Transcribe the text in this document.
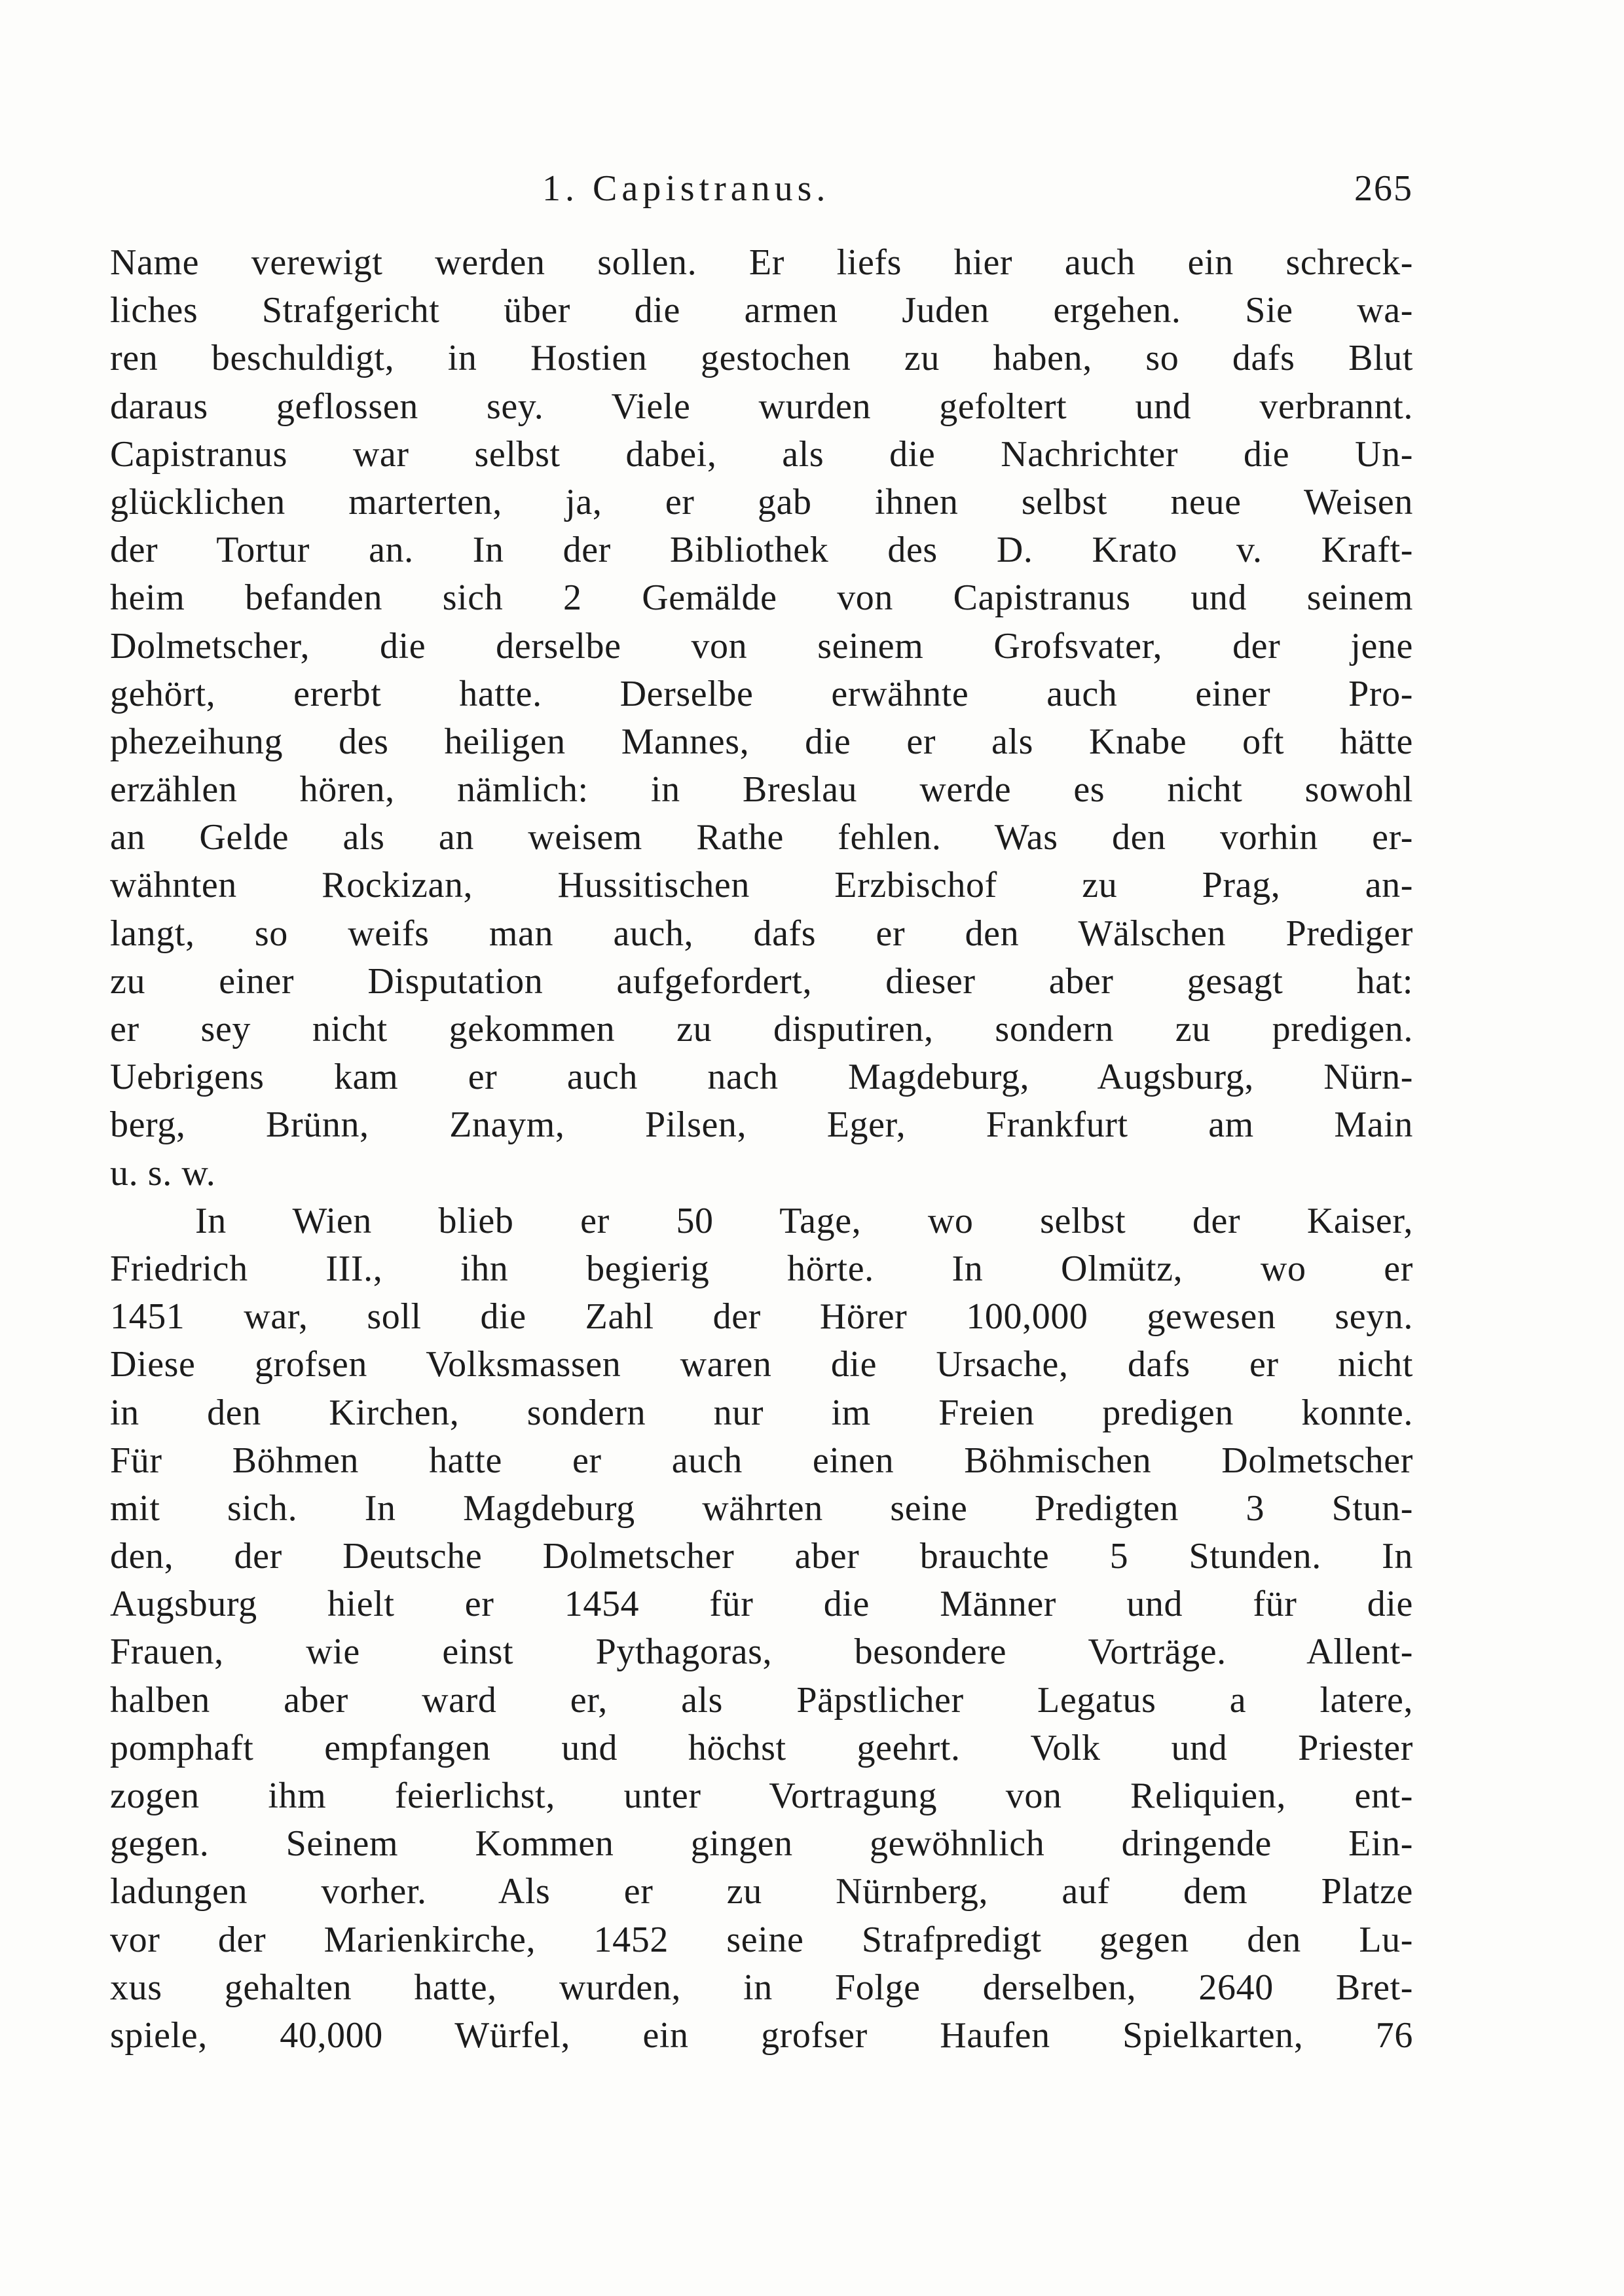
1. Capistranus.	265
Name verewigt werden sollen. Er liefs hier auch ein schreck-
liches Strafgericht über die armen Juden ergehen. Sie wa-
ren beschuldigt, in Hostien gestochen zu haben, so dafs Blut
daraus geflossen sey. Viele wurden gefoltert und verbrannt.
Capistranus war selbst dabei, als die Nachrichter die Un-
glücklichen marterten, ja, er gab ihnen selbst neue Weisen
der Tortur an. In der Bibliothek des D. Krato v. Kraft-
heim befanden sich 2 Gemälde von Capistranus und seinem
Dolmetscher, die derselbe von seinem Grofsvater, der jene
gehört, ererbt hatte. Derselbe erwähnte auch einer Pro-
phezeihung des heiligen Mannes, die er als Knabe oft hätte
erzählen hören, nämlich: in Breslau werde es nicht sowohl
an Gelde als an weisem Rathe fehlen. Was den vorhin er-
wähnten Rockizan, Hussitischen Erzbischof zu Prag, an-
langt, so weifs man auch, dafs er den Wälschen Prediger
zu einer Disputation aufgefordert, dieser aber gesagt hat:
er sey nicht gekommen zu disputiren, sondern zu predigen.
Uebrigens kam er auch nach Magdeburg, Augsburg, Nürn-
berg, Brünn, Znaym, Pilsen, Eger, Frankfurt am Main
u. s. w.
In Wien blieb er 50 Tage, wo selbst der Kaiser,
Friedrich III., ihn begierig hörte. In Olmütz, wo er
1451 war, soll die Zahl der Hörer 100,000 gewesen seyn.
Diese grofsen Volksmassen waren die Ursache, dafs er nicht
in den Kirchen, sondern nur im Freien predigen konnte.
Für Böhmen hatte er auch einen Böhmischen Dolmetscher
mit sich. In Magdeburg währten seine Predigten 3 Stun-
den, der Deutsche Dolmetscher aber brauchte 5 Stunden. In
Augsburg hielt er 1454 für die Männer und für die
Frauen, wie einst Pythagoras, besondere Vorträge. Allent-
halben aber ward er, als Päpstlicher Legatus a latere,
pomphaft empfangen und höchst geehrt. Volk und Priester
zogen ihm feierlichst, unter Vortragung von Reliquien, ent-
gegen. Seinem Kommen gingen gewöhnlich dringende Ein-
ladungen vorher. Als er zu Nürnberg, auf dem Platze
vor der Marienkirche, 1452 seine Strafpredigt gegen den Lu-
xus gehalten hatte, wurden, in Folge derselben, 2640 Bret-
spiele, 40,000 Würfel, ein grofser Haufen Spielkarten, 76
